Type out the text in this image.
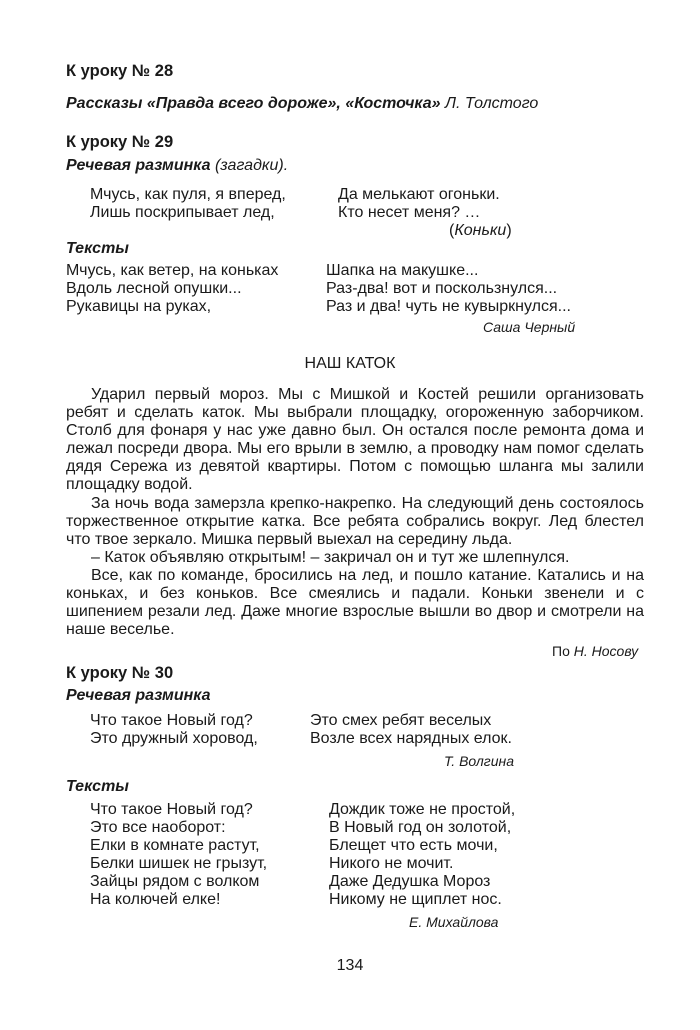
К уроку № 28
Рассказы «Правда всего дороже», «Косточка» Л. Толстого
К уроку № 29
Речевая разминка (загадки).
Мчусь, как пуля, я вперед,
Лишь поскрипывает лед,
Да мелькают огоньки.
Кто несет меня? …
(Коньки)
Тексты
Мчусь, как ветер, на коньках
Вдоль лесной опушки...
Рукавицы на руках,
Шапка на макушке...
Раз-два! вот и поскользнулся...
Раз и два! чуть не кувыркнулся...
Саша Черный
НАШ КАТОК

Ударил первый мороз. Мы с Мишкой и Костей решили организовать ребят и сделать каток. Мы выбрали площадку, огороженную заборчиком. Столб для фонаря у нас уже давно был. Он остался после ремонта дома и лежал посреди двора. Мы его врыли в землю, а проводку нам помог сделать дядя Сережа из девятой квартиры. Потом с помощью шланга мы залили площадку водой.

За ночь вода замерзла крепко-накрепко. На следующий день состоялось торжественное открытие катка. Все ребята собрались вокруг. Лед блестел что твое зеркало. Мишка первый выехал на середину льда.

– Каток объявляю открытым! – закричал он и тут же шлепнулся.

Все, как по команде, бросились на лед, и пошло катание. Катались и на коньках, и без коньков. Все смеялись и падали. Коньки звенели и с шипением резали лед. Даже многие взрослые вышли во двор и смотрели на наше веселье.

По Н. Носову
К уроку № 30
Речевая разминка
Что такое Новый год?
Это дружный хоровод,
Это смех ребят веселых
Возле всех нарядных елок.
Т. Волгина
Тексты
Что такое Новый год?
Это все наоборот:
Елки в комнате растут,
Белки шишек не грызут,
Зайцы рядом с волком
На колючей елке!
Дождик тоже не простой,
В Новый год он золотой,
Блещет что есть мочи,
Никого не мочит.
Даже Дедушка Мороз
Никому не щиплет нос.
Е. Михайлова
134
